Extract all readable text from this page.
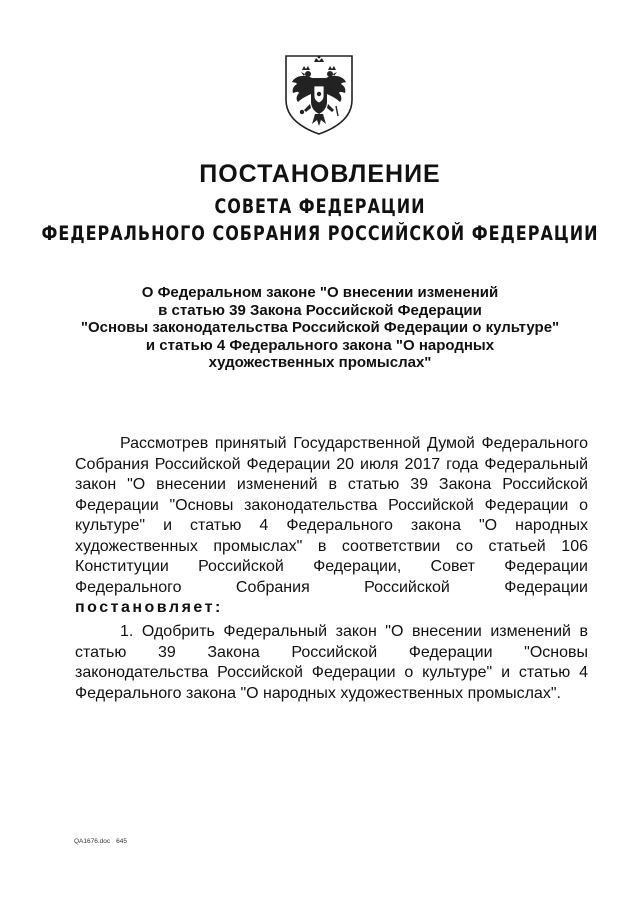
ПОСТАНОВЛЕНИЕ
СОВЕТА ФЕДЕРАЦИИ
ФЕДЕРАЛЬНОГО СОБРАНИЯ РОССИЙСКОЙ ФЕДЕРАЦИИ
О Федеральном законе "О внесении изменений
в статью 39 Закона Российской Федерации
"Основы законодательства Российской Федерации о культуре"
и статью 4 Федерального закона "О народных
художественных промыслах"
Рассмотрев принятый Государственной Думой Федерального Собрания Российской Федерации 20 июля 2017 года Федеральный закон "О внесении изменений в статью 39 Закона Российской Федерации "Основы законодательства Российской Федерации о культуре" и статью 4 Федерального закона "О народных художественных промыслах" в соответствии со статьей 106 Конституции Российской Федерации, Совет Федерации Федерального Собрания Российской Федерации постановляет:
1. Одобрить Федеральный закон "О внесении изменений в статью 39 Закона Российской Федерации "Основы законодательства Российской Федерации о культуре" и статью 4 Федерального закона "О народных художественных промыслах".
QA1676.doc 645
